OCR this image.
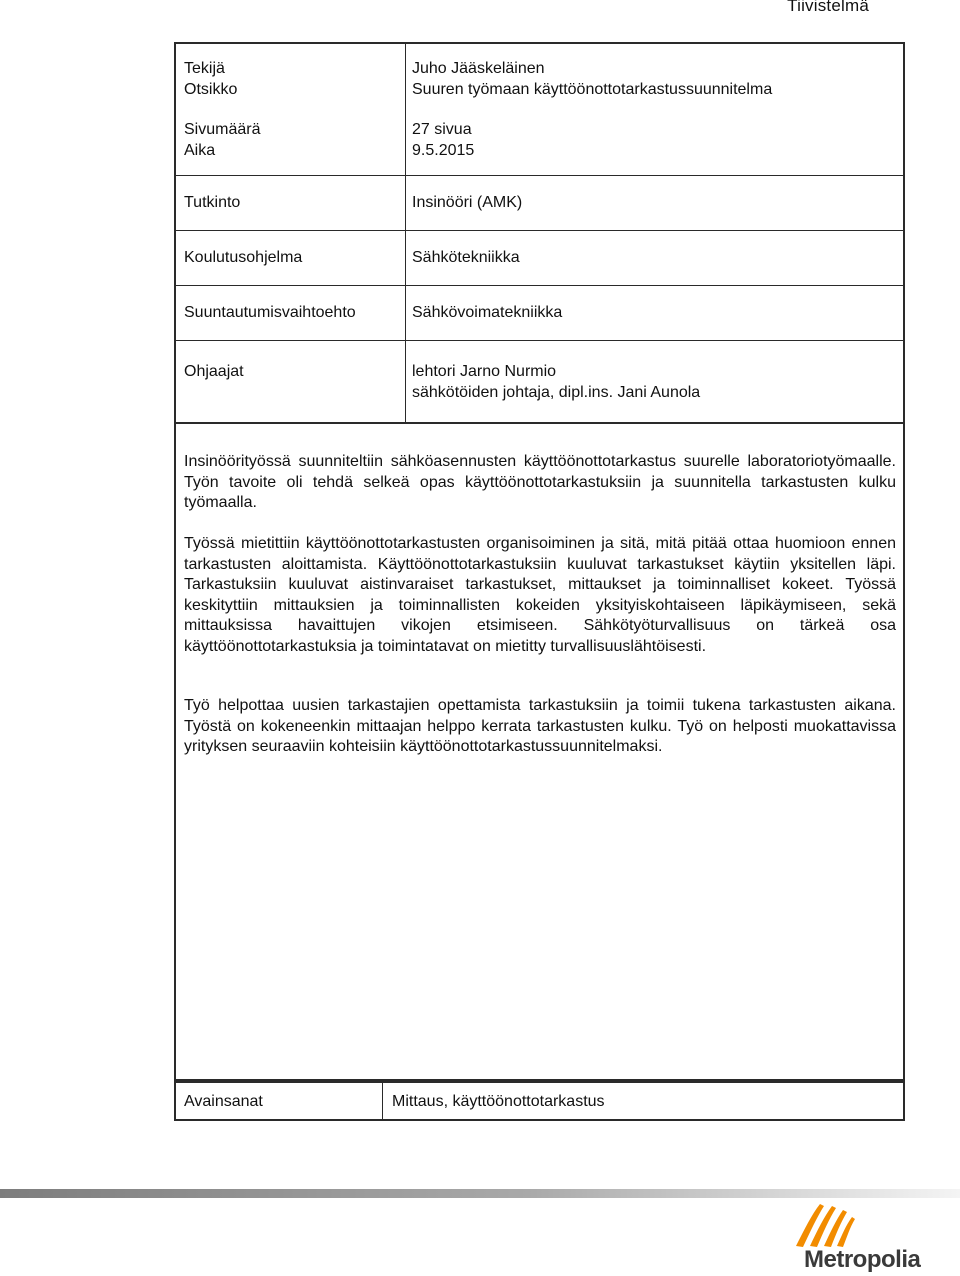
Tiivistelmä
Tekijä	Juho Jääskeläinen
Otsikko	Suuren työmaan käyttöönottotarkastussuunnitelma
Sivumäärä	27 sivua
Aika	9.5.2015
Tutkinto	Insinööri (AMK)
Koulutusohjelma	Sähkötekniikka
Suuntautumisvaihtoehto	Sähkövoimatekniikka
Ohjaajat	lehtori Jarno Nurmio
sähkötöiden johtaja, dipl.ins. Jani Aunola

Insinöörityössä suunniteltiin sähköasennusten käyttöönottotarkastus suurelle laboratoriotyömaalle. Työn tavoite oli tehdä selkeä opas käyttöönottotarkastuksiin ja suunnitella tarkastusten kulku työmaalla.

Työssä mietittiin käyttöönottotarkastusten organisoiminen ja sitä, mitä pitää ottaa huomioon ennen tarkastusten aloittamista. Käyttöönottotarkastuksiin kuuluvat tarkastukset käytiin yksitellen läpi. Tarkastuksiin kuuluvat aistinvaraiset tarkastukset, mittaukset ja toiminnalliset kokeet. Työssä keskityttiin mittauksien ja toiminnallisten kokeiden yksityiskohtaiseen läpikäymiseen, sekä mittauksissa havaittujen vikojen etsimiseen. Sähkötyöturvallisuus on tärkeä osa käyttöönottotarkastuksia ja toimintatavat on mietitty turvallisuuslähtöisesti.

Työ helpottaa uusien tarkastajien opettamista tarkastuksiin ja toimii tukena tarkastusten aikana. Työstä on kokeneenkin mittaajan helppo kerrata tarkastusten kulku. Työ on helposti muokattavissa yrityksen seuraaviin kohteisiin käyttöönottotarkastussuunnitelmaksi.

Avainsanat	Mittaus, käyttöönottotarkastus
Metropolia
